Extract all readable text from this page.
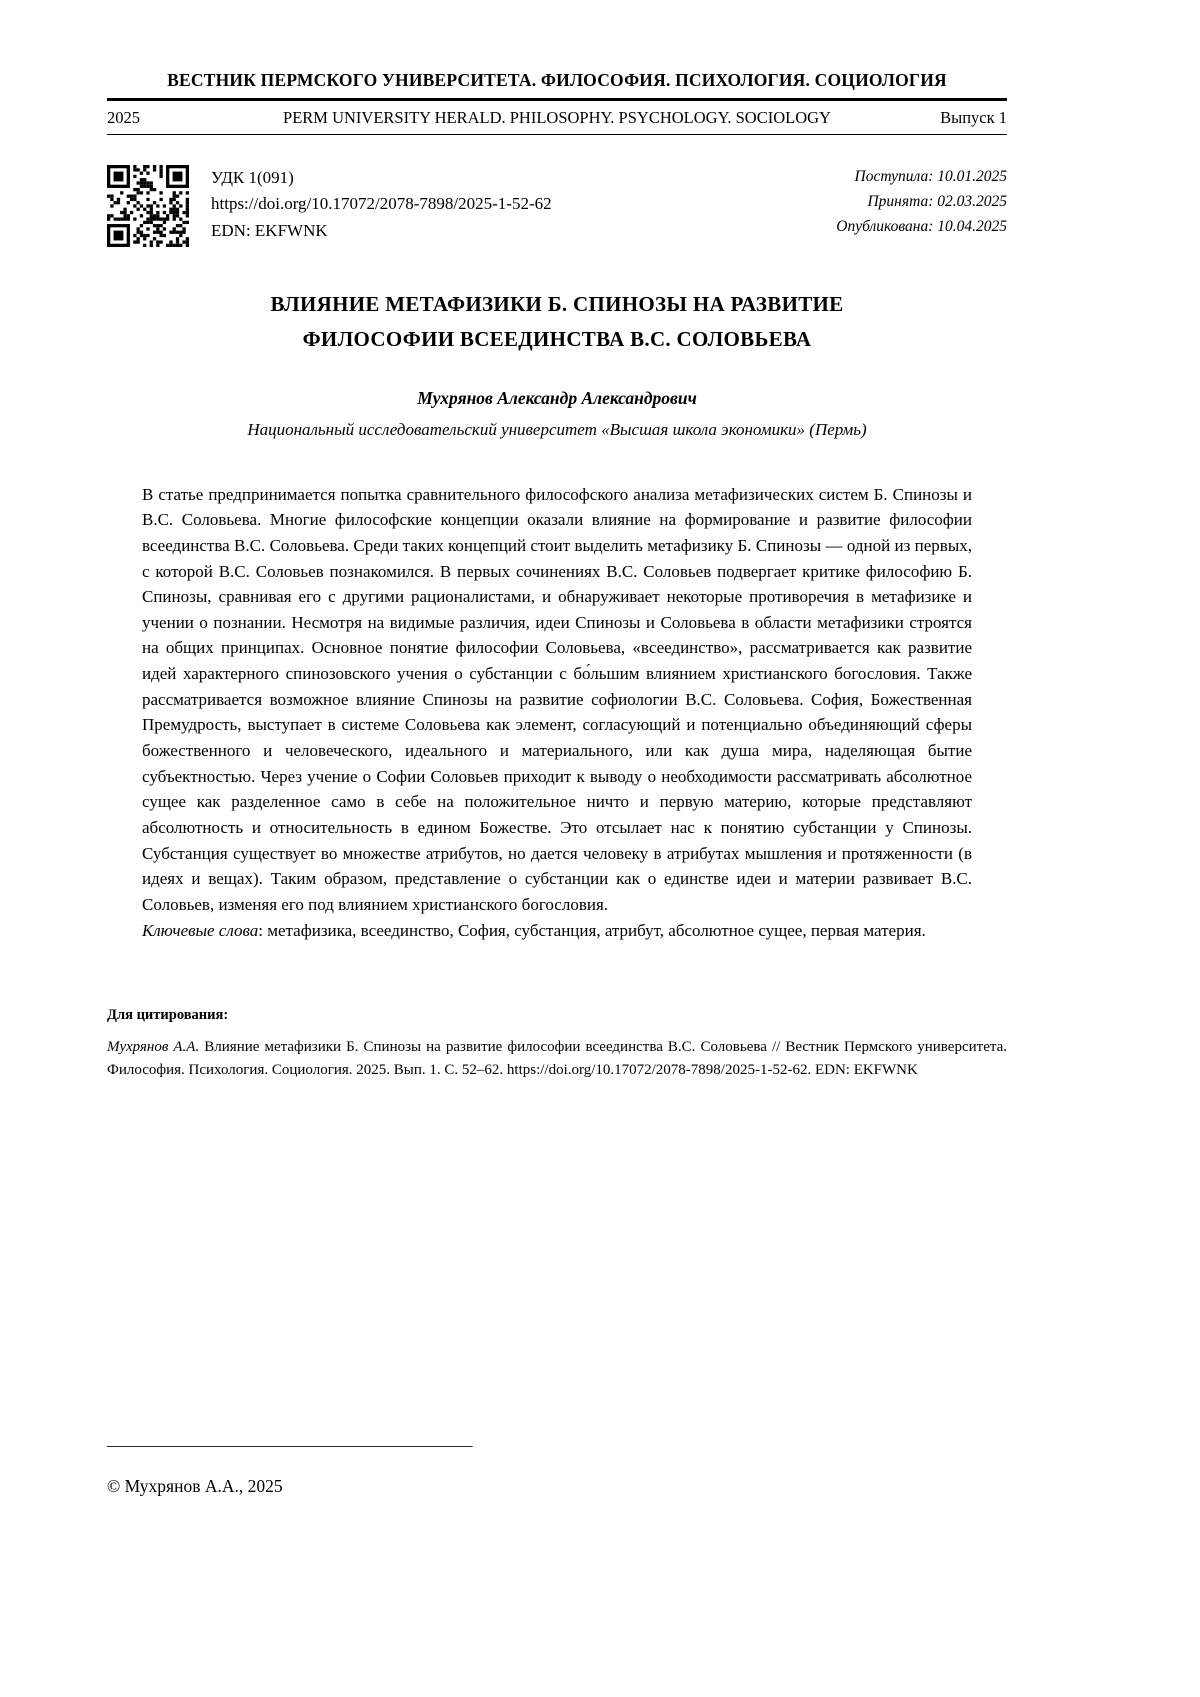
ВЕСТНИК ПЕРМСКОГО УНИВЕРСИТЕТА. ФИЛОСОФИЯ. ПСИХОЛОГИЯ. СОЦИОЛОГИЯ
2025	PERM UNIVERSITY HERALD. PHILOSOPHY. PSYCHOLOGY. SOCIOLOGY	Выпуск 1
УДК 1(091)
https://doi.org/10.17072/2078-7898/2025-1-52-62
EDN: EKFWNK
Поступила: 10.01.2025
Принята: 02.03.2025
Опубликована: 10.04.2025
ВЛИЯНИЕ МЕТАФИЗИКИ Б. СПИНОЗЫ НА РАЗВИТИЕ
ФИЛОСОФИИ ВСЕЕДИНСТВА В.С. СОЛОВЬЕВА
Мухрянов Александр Александрович
Национальный исследовательский университет «Высшая школа экономики» (Пермь)

В статье предпринимается попытка сравнительного философского анализа метафизических систем Б. Спинозы и В.С. Соловьева. Многие философские концепции оказали влияние на формирование и развитие философии всеединства В.С. Соловьева. Среди таких концепций стоит выделить метафизику Б. Спинозы — одной из первых, с которой В.С. Соловьев познакомился. В первых сочинениях В.С. Соловьев подвергает критике философию Б. Спинозы, сравнивая его с другими рационалистами, и обнаруживает некоторые противоречия в метафизике и учении о познании. Несмотря на видимые различия, идеи Спинозы и Соловьева в области метафизики строятся на общих принципах. Основное понятие философии Соловьева, «всеединство», рассматривается как развитие идей характерного спинозовского учения о субстанции с бо́льшим влиянием христианского богословия. Также рассматривается возможное влияние Спинозы на развитие софиологии В.С. Соловьева. София, Божественная Премудрость, выступает в системе Соловьева как элемент, согласующий и потенциально объединяющий сферы божественного и человеческого, идеального и материального, или как душа мира, наделяющая бытие субъектностью. Через учение о Софии Соловьев приходит к выводу о необходимости рассматривать абсолютное сущее как разделенное само в себе на положительное ничто и первую материю, которые представляют абсолютность и относительность в едином Божестве. Это отсылает нас к понятию субстанции у Спинозы. Субстанция существует во множестве атрибутов, но дается человеку в атрибутах мышления и протяженности (в идеях и вещах). Таким образом, представление о субстанции как о единстве идеи и материи развивает В.С. Соловьев, изменяя его под влиянием христианского богословия.

Ключевые слова: метафизика, всеединство, София, субстанция, атрибут, абсолютное сущее, первая материя.

Для цитирования:

Мухрянов А.А. Влияние метафизики Б. Спинозы на развитие философии всеединства В.С. Соловьева // Вестник Пермского университета. Философия. Психология. Социология. 2025. Вып. 1. С. 52–62. https://doi.org/10.17072/2078-7898/2025-1-52-62. EDN: EKFWNK

___________________________________________
© Мухрянов А.А., 2025
